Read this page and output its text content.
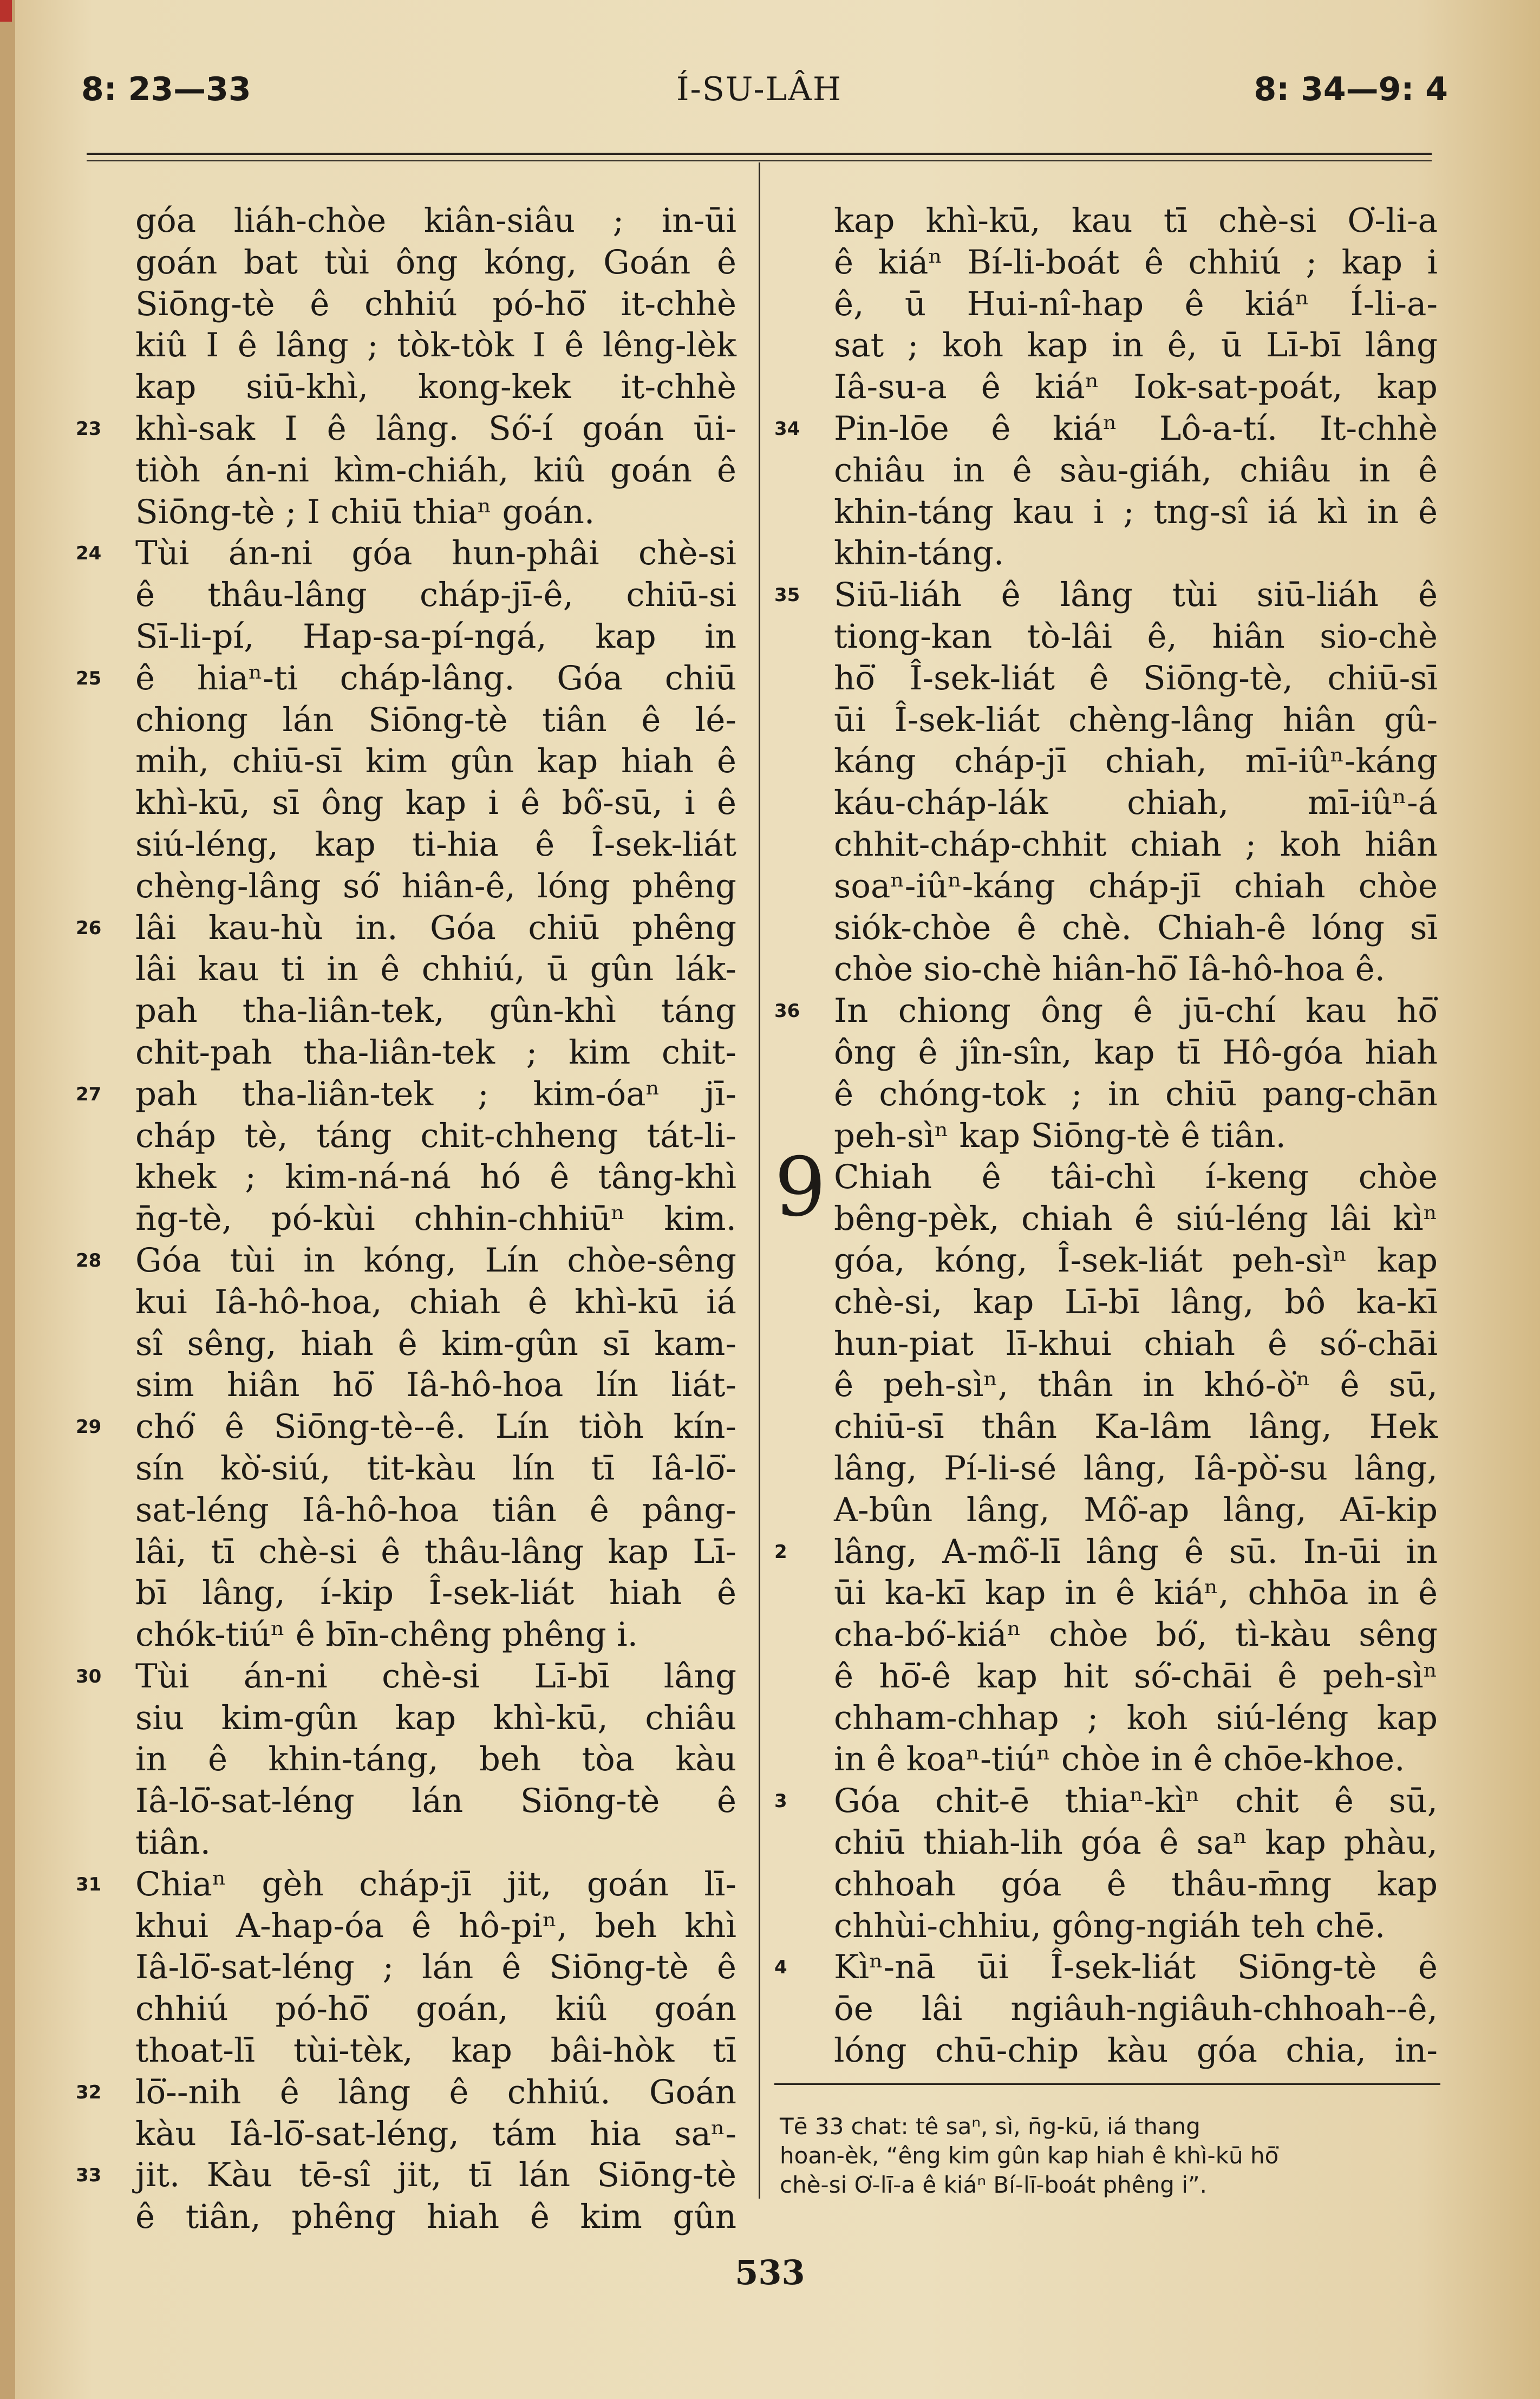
8: 23—33	Í-SU-LÂH	8: 34—9: 4
góa liáh-chòe kiân-siâu ; in-ūi
goán bat tùi ông kóng, Goán ê
Siōng-tè ê chhiú pó-hō͘ it-chhè
kiû I ê lâng ; tòk-tòk I ê lêng-lèk
kap siū-khì, kong-kek it-chhè
23	khì-sak I ê lâng. Só͘-í goán ūi-
tiòh án-ni kìm-chiáh, kiû goán ê
Siōng-tè ; I chiū thiaⁿ goán.
24	Tùi án-ni góa hun-phâi chè-si
ê thâu-lâng cháp-jī-ê, chiū-si
Sī-li-pí, Hap-sa-pí-ngá, kap in
25	ê hiaⁿ-ti cháp-lâng. Góa chiū
chiong lán Siōng-tè tiân ê lé-
mi̍h, chiū-sī kim gûn kap hiah ê
khì-kū, sī ông kap i ê bô͘-sū, i ê
siú-léng, kap ti-hia ê Î-sek-liát
chèng-lâng só͘ hiân-ê, lóng phêng
26	lâi kau-hù in. Góa chiū phêng
lâi kau ti in ê chhiú, ū gûn lák-
pah tha-liân-tek, gûn-khì táng
chit-pah tha-liân-tek ; kim chit-
27	pah tha-liân-tek ; kim-óaⁿ jī-
cháp tè, táng chit-chheng tát-li-
khek ; kim-ná-ná hó ê tâng-khì
n̄g-tè, pó-kùi chhin-chhiūⁿ kim.
28	Góa tùi in kóng, Lín chòe-sêng
kui Iâ-hô-hoa, chiah ê khì-kū iá
sî sêng, hiah ê kim-gûn sī kam-
sim hiân hō͘ Iâ-hô-hoa lín liát-
29	chó͘ ê Siōng-tè--ê. Lín tiòh kín-
sín kò͘-siú, tit-kàu lín tī Iâ-lō͘-
sat-léng Iâ-hô-hoa tiân ê pâng-
lâi, tī chè-si ê thâu-lâng kap Lī-
bī lâng, í-kip Î-sek-liát hiah ê
chók-tiúⁿ ê bīn-chêng phêng i.
30	Tùi án-ni chè-si Lī-bī lâng
siu kim-gûn kap khì-kū, chiâu
in ê khin-táng, beh tòa kàu
Iâ-lō͘-sat-léng lán Siōng-tè ê
tiân.
31	Chiaⁿ gèh cháp-jī jit, goán lī-
khui A-hap-óa ê hô-piⁿ, beh khì
Iâ-lō͘-sat-léng ; lán ê Siōng-tè ê
chhiú pó-hō͘ goán, kiû goán
thoat-lī tùi-tèk, kap bâi-hòk tī
32	lō͘--nih ê lâng ê chhiú. Goán
kàu Iâ-lō͘-sat-léng, tám hia saⁿ-
33	jit. Kàu tē-sî jit, tī lán Siōng-tè
ê tiân, phêng hiah ê kim gûn
kap khì-kū, kau tī chè-si O͘-li-a
ê kiáⁿ Bí-li-boát ê chhiú ; kap i
ê, ū Hui-nî-hap ê kiáⁿ Í-li-a-
sat ; koh kap in ê, ū Lī-bī lâng
Iâ-su-a ê kiáⁿ Iok-sat-poát, kap
34	Pin-lōe ê kiáⁿ Lô-a-tí. It-chhè
chiâu in ê sàu-giáh, chiâu in ê
khin-táng kau i ; tng-sî iá kì in ê
khin-táng.
35	Siū-liáh ê lâng tùi siū-liáh ê
tiong-kan tò-lâi ê, hiân sio-chè
hō͘ Î-sek-liát ê Siōng-tè, chiū-sī
ūi Î-sek-liát chèng-lâng hiân gû-
káng cháp-jī chiah, mī-iûⁿ-káng
káu-cháp-lák chiah, mī-iûⁿ-á
chhit-cháp-chhit chiah ; koh hiân
soaⁿ-iûⁿ-káng cháp-jī chiah chòe
siók-chòe ê chè. Chiah-ê lóng sī
chòe sio-chè hiân-hō͘ Iâ-hô-hoa ê.
36	In chiong ông ê jū-chí kau hō͘
ông ê jîn-sîn, kap tī Hô-góa hiah
ê chóng-tok ; in chiū pang-chān
peh-sìⁿ kap Siōng-tè ê tiân.
9 Chiah ê tâi-chì í-keng chòe
bêng-pèk, chiah ê siú-léng lâi kìⁿ
góa, kóng, Î-sek-liát peh-sìⁿ kap
chè-si, kap Lī-bī lâng, bô ka-kī
hun-piat lī-khui chiah ê só͘-chāi
ê peh-sìⁿ, thân in khó-ò͘ⁿ ê sū,
chiū-sī thân Ka-lâm lâng, Hek
lâng, Pí-li-sé lâng, Iâ-pò͘-su lâng,
A-bûn lâng, Mô͘-ap lâng, Aī-kip
2	lâng, A-mô͘-lī lâng ê sū. In-ūi in
ūi ka-kī kap in ê kiáⁿ, chhōa in ê
cha-bó͘-kiáⁿ chòe bó͘, tì-kàu sêng
ê hō͘-ê kap hit só͘-chāi ê peh-sìⁿ
chham-chhap ; koh siú-léng kap
in ê koaⁿ-tiúⁿ chòe in ê chōe-khoe.
3	Góa chit-ē thiaⁿ-kìⁿ chit ê sū,
chiū thiah-lih góa ê saⁿ kap phàu,
chhoah góa ê thâu-m̄ng kap
chhùi-chhiu, gông-ngiáh teh chē.
4	Kìⁿ-nā ūi Î-sek-liát Siōng-tè ê
ōe lâi ngiâuh-ngiâuh-chhoah--ê,
lóng chū-chip kàu góa chia, in-
Tē 33 chat: tê saⁿ, sì, n̄g-kū, iá thang
hoan-èk, “êng kim gûn kap hiah ê khì-kū hō͘
chè-si O͘-lī-a ê kiáⁿ Bí-lī-boát phêng i”.
533
